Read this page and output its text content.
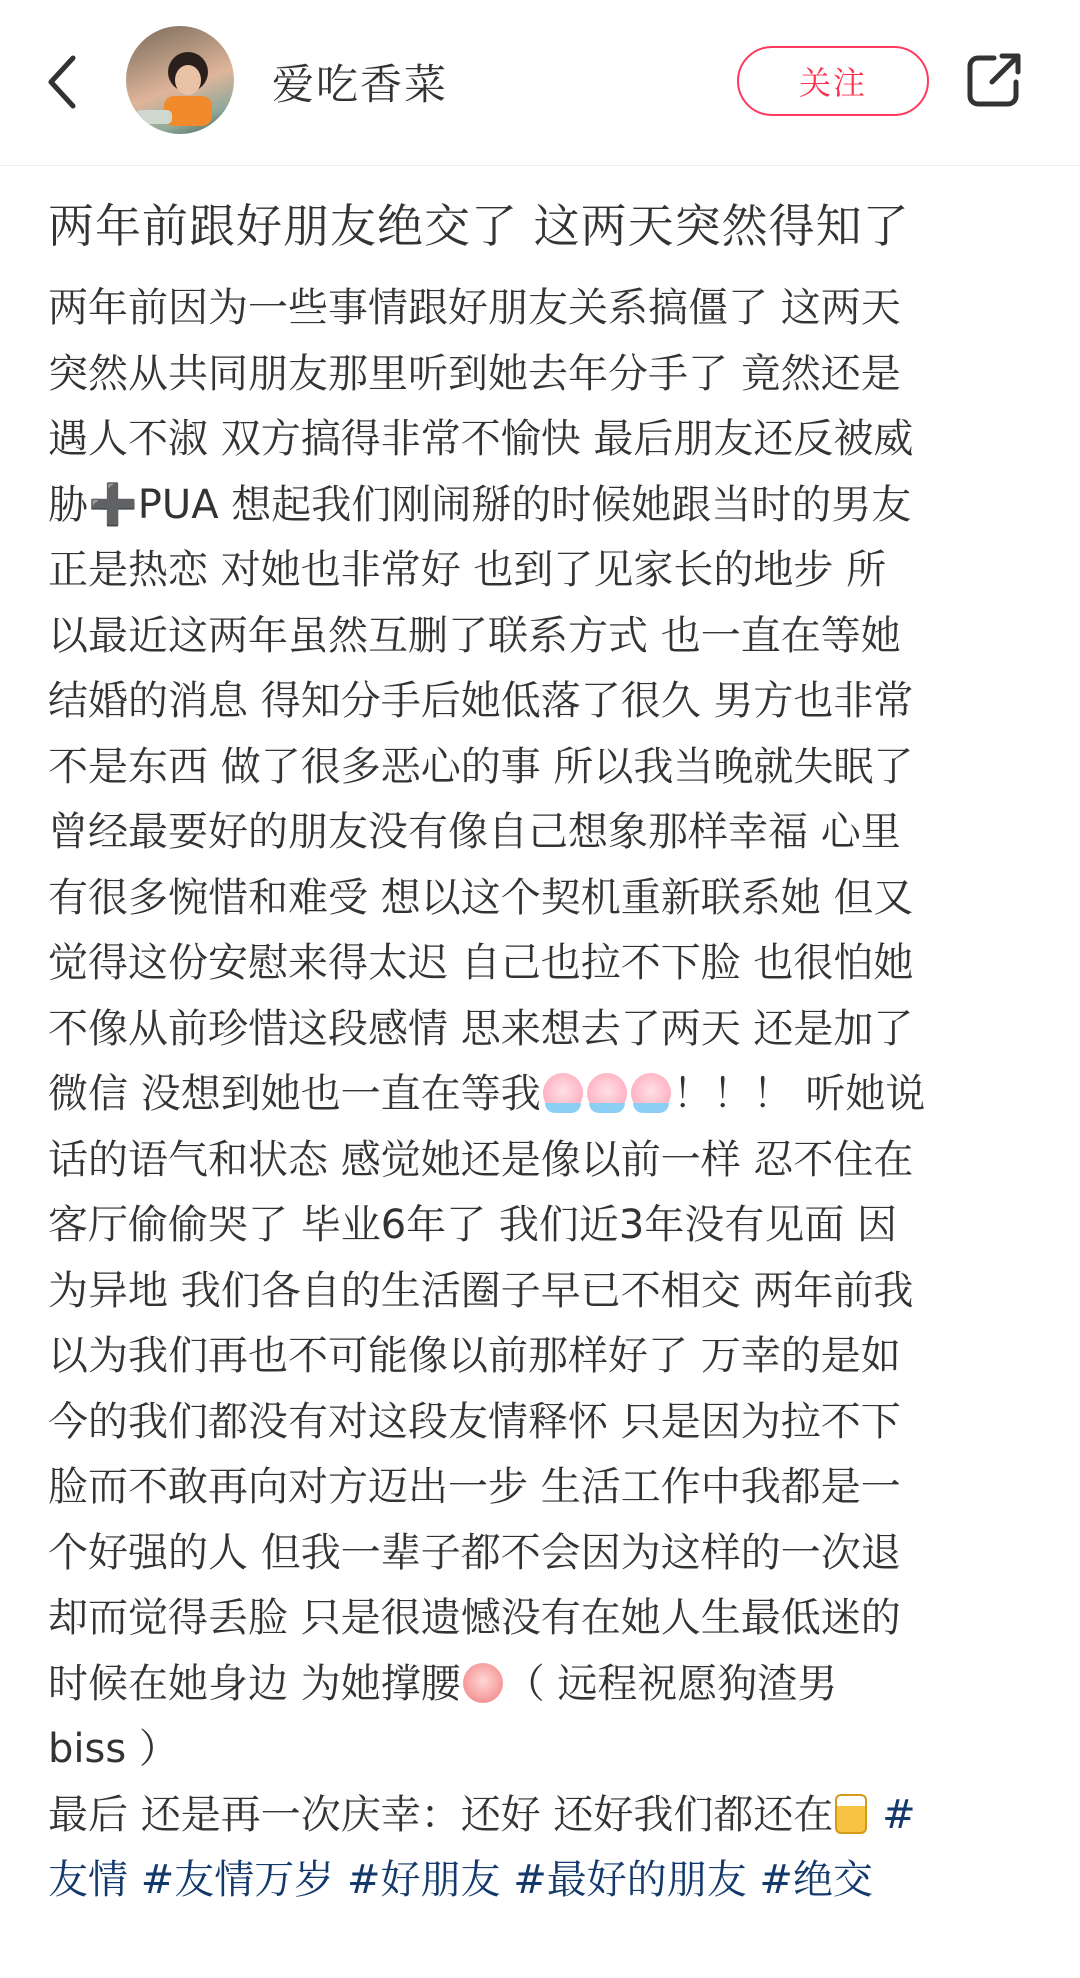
爱吃香菜	关注
两年前跟好朋友绝交了 这两天突然得知了
两年前因为一些事情跟好朋友关系搞僵了 这两天
突然从共同朋友那里听到她去年分手了 竟然还是
遇人不淑 双方搞得非常不愉快 最后朋友还反被威
胁➕PUA 想起我们刚闹掰的时候她跟当时的男友
正是热恋 对她也非常好 也到了见家长的地步 所
以最近这两年虽然互删了联系方式 也一直在等她
结婚的消息 得知分手后她低落了很久 男方也非常
不是东西 做了很多恶心的事 所以我当晚就失眠了
曾经最要好的朋友没有像自己想象那样幸福 心里
有很多惋惜和难受 想以这个契机重新联系她 但又
觉得这份安慰来得太迟 自己也拉不下脸 也很怕她
不像从前珍惜这段感情 思来想去了两天 还是加了
微信 没想到她也一直在等我	！！！ 听她说
话的语气和状态 感觉她还是像以前一样 忍不住在
客厅偷偷哭了 毕业6年了 我们近3年没有见面 因
为异地 我们各自的生活圈子早已不相交 两年前我
以为我们再也不可能像以前那样好了 万幸的是如
今的我们都没有对这段友情释怀 只是因为拉不下
脸而不敢再向对方迈出一步 生活工作中我都是一
个好强的人 但我一辈子都不会因为这样的一次退
却而觉得丢脸 只是很遗憾没有在她人生最低迷的
时候在她身边 为她撑腰 （ 远程祝愿狗渣男
biss ）
最后 还是再一次庆幸：还好 还好我们都还在 #
友情 #友情万岁 #好朋友 #最好的朋友 #绝交
